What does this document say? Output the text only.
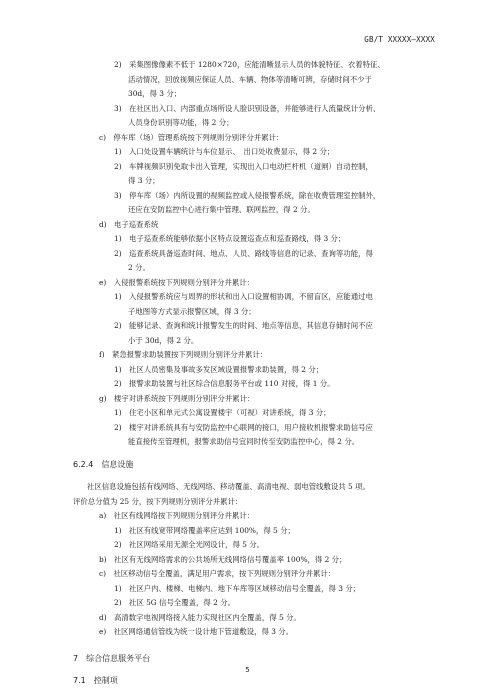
GB/T XXXXX—XXXX
2)　采集图像像素不低于 1280×720，应能清晰显示人员的体貌特征、衣着特征、
活动情况，回放视频应保证人员、车辆、物体等清晰可辨，存储时间不少于
30d，得 3 分；
3)　在社区出入口、内部重点场所设人脸识别设备，并能够进行人流量统计分析、
人员身份识别等功能，得 2 分；
c)　停车库（场）管理系统按下列规则分别评分并累计：
1)　入口处设置车辆统计与车位显示、　出口处收费显示，得 2 分；
2)　车牌视频识别免取卡出入管理，实现出入口电动栏杆机（道闸）自动控制，
得 3 分；
3)　停车库（场）内所设置的视频监控或入侵报警系统，除在收费管理室控制外，
还应在安防监控中心进行集中管理、联网监控，得 2 分。
d)　电子巡查系统
1)　电子巡查系统能够依据小区特点设置巡查点和巡查路线，得 3 分；
2)　巡查系统具备巡查时间、地点、人员、路线等信息的记录、查询等功能，得
2 分。
e)　入侵报警系统按下列规则分别评分并累计：
1)　入侵报警系统应与周界的形状和出入口设置相协调，不留盲区，应能通过电
子地图等方式显示报警区域，得 3 分；
2)　能够记录、查询和统计报警发生的时间、地点等信息，其信息存储时间不应
小于 30d，得 2 分。
f)　紧急报警求助装置按下列规则分别评分并累计：
1)　社区人员密集及事故多发区域设置报警求助装置，得 2 分；
2)　报警求助装置与社区综合信息服务平台或 110 对接，得 1 分。
g)　楼宇对讲系统按下列规则分别评分并累计：
1)　住宅小区和单元式公寓设置楼宇（可视）对讲系统，得 3 分；
2)　楼宇对讲系统具有与安防监控中心联网的接口，用户接收机报警求助信号应
能直接传至管理机，报警求助信号宜同时传至安防监控中心，得 2 分。
6.2.4　信息设施
社区信息设施包括有线网络、无线网络、移动覆盖、高清电视、弱电管线敷设共 5 项。
评价总分值为 25 分，按下列规则分别评分并累计：
a)　社区有线网络按下列规则分别评分并累计：
1)　社区有线宽带网络覆盖率应达到 100%，得 5 分；
2)　社区网络采用无源全光网设计，得 5 分。
b)　社区有无线网络需求的公共场所无线网络信号覆盖率 100%，得 2 分；
c)　社区移动信号全覆盖，满足用户需求，按下列规则分别评分并累计：
1)　社区户内、楼梯、电梯内、地下车库等区域移动信号全覆盖，得 3 分；
2)　社区 5G 信号全覆盖，得 2 分。
d)　高清数字电视网络接入能力实现社区内全覆盖，得 5 分。
e)　社区网络通信管线为统一设计地下管道敷设，得 3 分。
7　综合信息服务平台
7.1　控制项
5
